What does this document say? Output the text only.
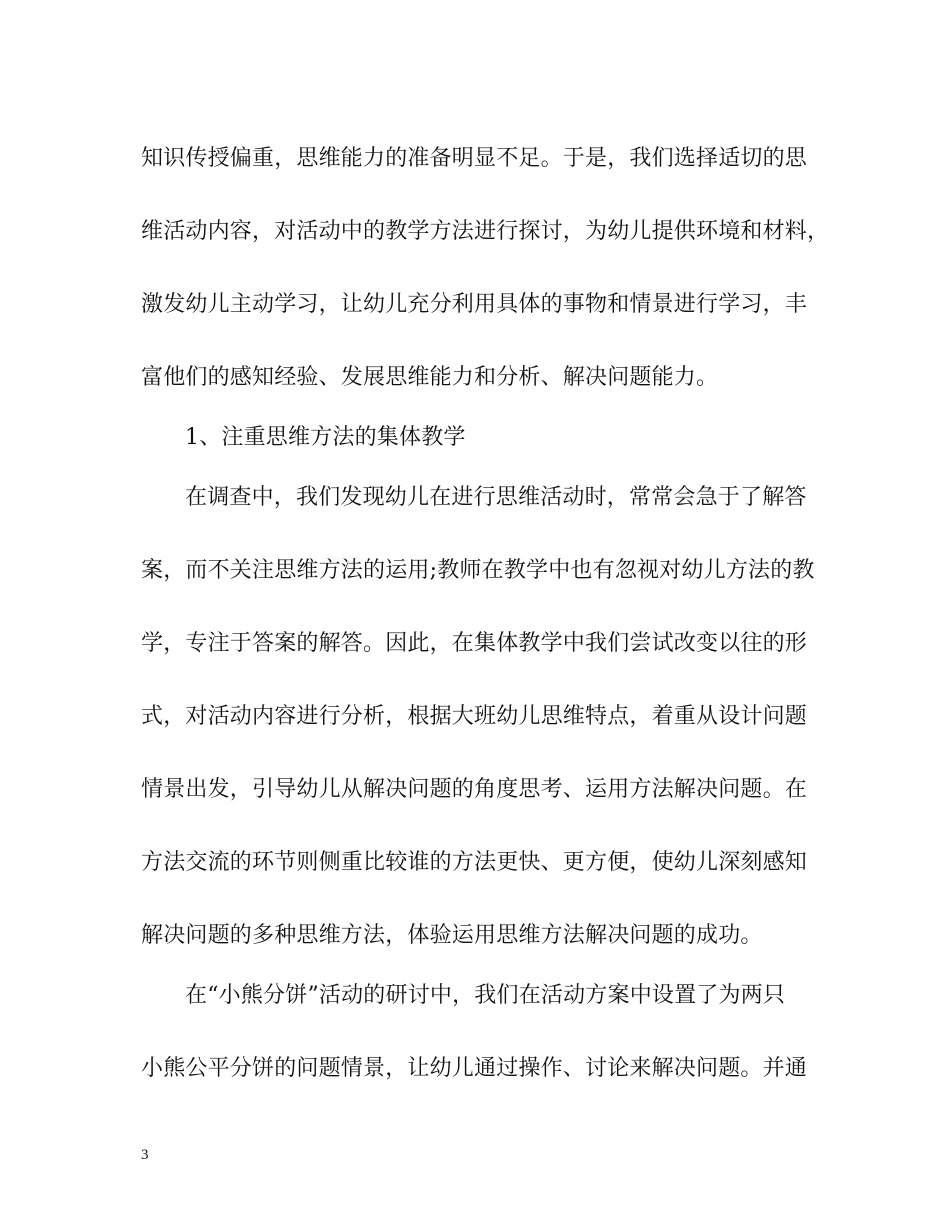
知识传授偏重，思维能力的准备明显不足。于是，我们选择适切的思
维活动内容，对活动中的教学方法进行探讨，为幼儿提供环境和材料，
激发幼儿主动学习，让幼儿充分利用具体的事物和情景进行学习，丰
富他们的感知经验、发展思维能力和分析、解决问题能力。
1、注重思维方法的集体教学
在调查中，我们发现幼儿在进行思维活动时，常常会急于了解答
案，而不关注思维方法的运用;教师在教学中也有忽视对幼儿方法的教
学，专注于答案的解答。因此，在集体教学中我们尝试改变以往的形
式，对活动内容进行分析，根据大班幼儿思维特点，着重从设计问题
情景出发，引导幼儿从解决问题的角度思考、运用方法解决问题。在
方法交流的环节则侧重比较谁的方法更快、更方便，使幼儿深刻感知
解决问题的多种思维方法，体验运用思维方法解决问题的成功。
在“小熊分饼”活动的研讨中，我们在活动方案中设置了为两只
小熊公平分饼的问题情景，让幼儿通过操作、讨论来解决问题。并通
3
